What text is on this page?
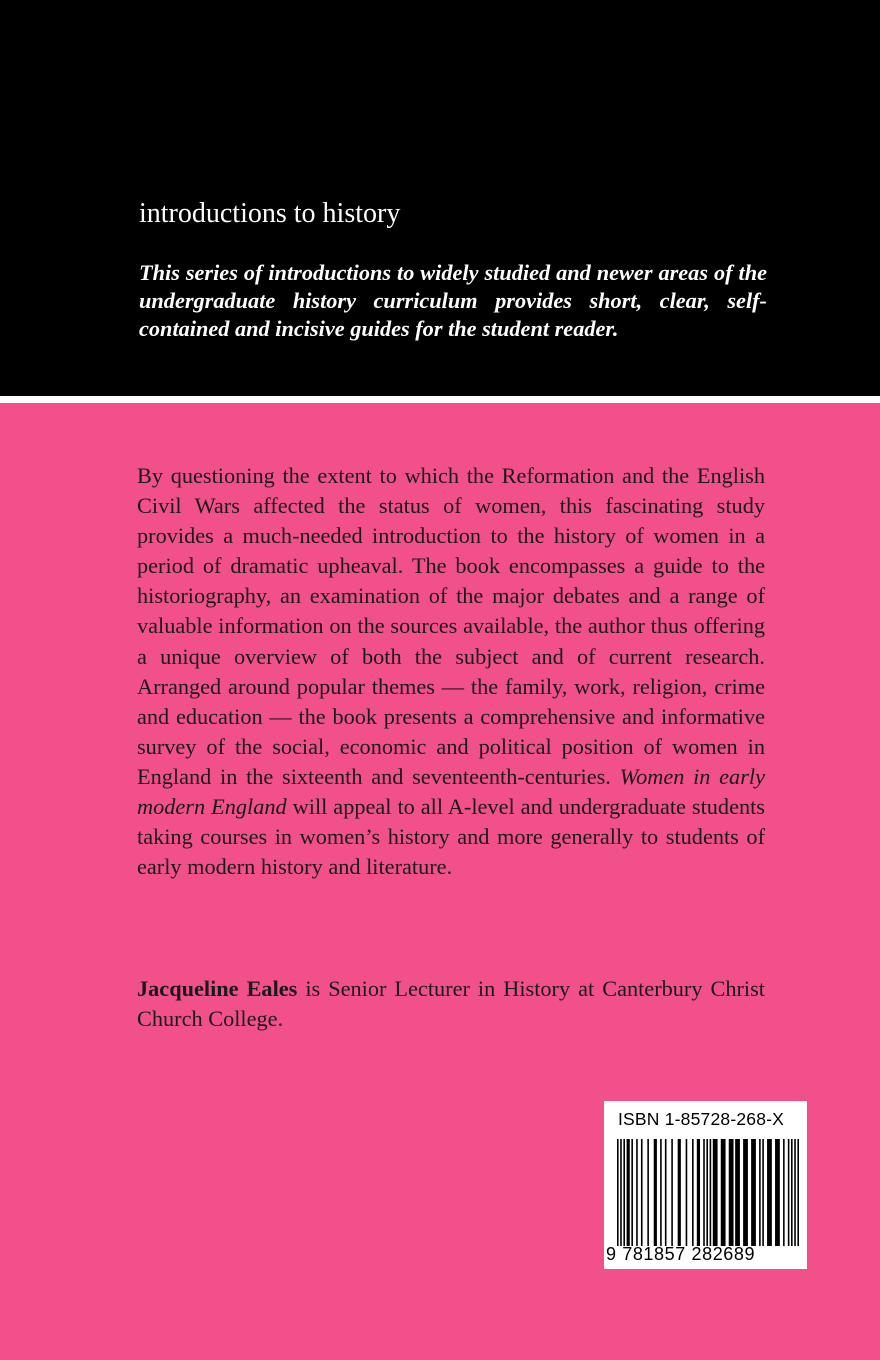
introductions to history

This series of introductions to widely studied and newer areas of the undergraduate history curriculum provides short, clear, self-contained and incisive guides for the student reader.

By questioning the extent to which the Reformation and the English Civil Wars affected the status of women, this fascinating study provides a much-needed introduction to the history of women in a period of dramatic upheaval. The book encompasses a guide to the historiography, an examination of the major debates and a range of valuable information on the sources available, the author thus offering a unique overview of both the subject and of current research. Arranged around popular themes — the family, work, religion, crime and education — the book presents a comprehensive and informative survey of the social, economic and political position of women in England in the sixteenth and seventeenth-centuries. Women in early modern England will appeal to all A-level and undergraduate students taking courses in women’s history and more generally to students of early modern history and literature.

Jacqueline Eales is Senior Lecturer in History at Canterbury Christ Church College.

ISBN 1-85728-268-X
9 781857 282689
